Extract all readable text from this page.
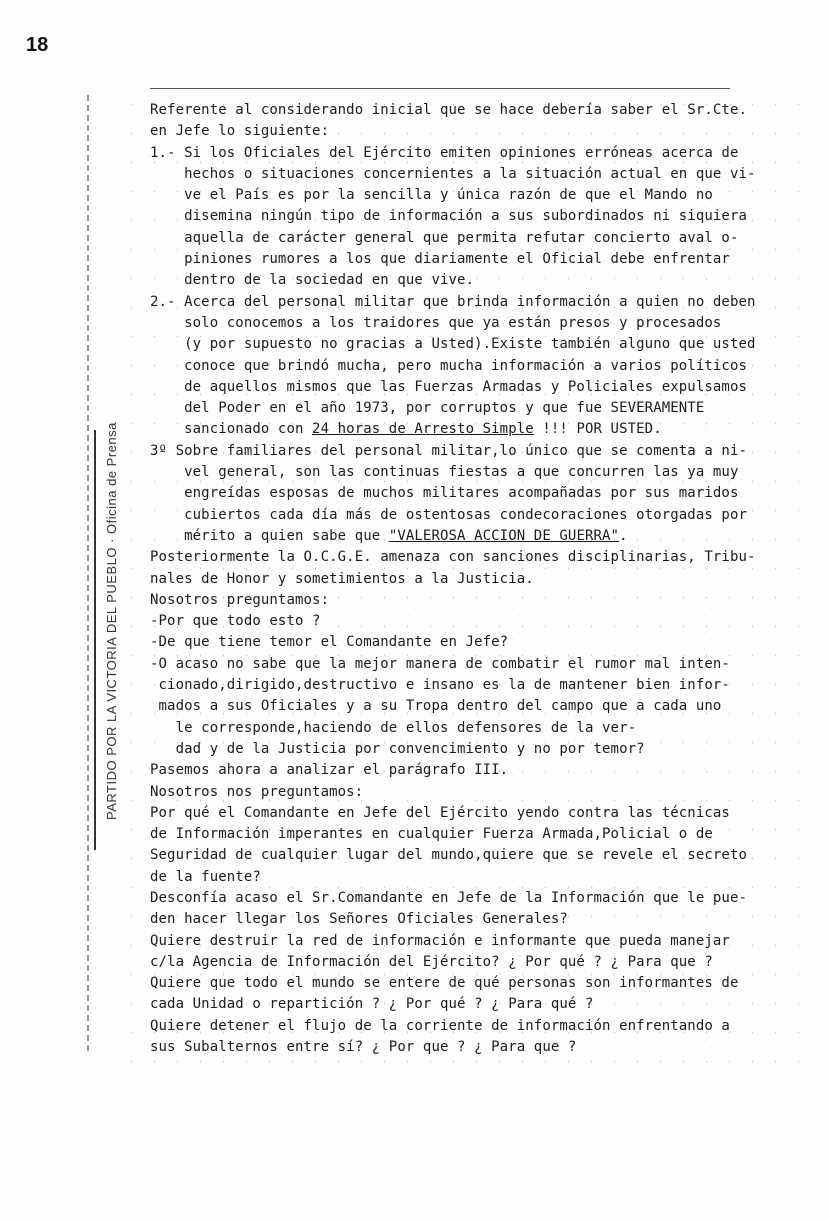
18
PARTIDO POR LA VICTORIA DEL PUEBLO · Oficina de Prensa
Referente al considerando inicial que se hace debería saber el Sr.Cte.
en Jefe lo siguiente:
1.- Si los Oficiales del Ejército emiten opiniones erróneas acerca de
hechos o situaciones concernientes a la situación actual en que vi-
ve el País es por la sencilla y única razón de que el Mando no
disemina ningún tipo de información a sus subordinados ni siquiera
aquella de carácter general que permita refutar concierto aval o-
piniones rumores a los que diariamente el Oficial debe enfrentar
dentro de la sociedad en que vive.
2.- Acerca del personal militar que brinda información a quien no deben
solo conocemos a los traidores que ya están presos y procesados
(y por supuesto no gracias a Usted).Existe también alguno que usted
conoce que brindó mucha, pero mucha información a varios políticos
de aquellos mismos que las Fuerzas Armadas y Policiales expulsamos
del Poder en el año 1973, por corruptos y que fue SEVERAMENTE
sancionado con 24 horas de Arresto Simple !!! POR USTED.
3º Sobre familiares del personal militar,lo único que se comenta a ni-
vel general, son las continuas fiestas a que concurren las ya muy
engreídas esposas de muchos militares acompañadas por sus maridos
cubiertos cada día más de ostentosas condecoraciones otorgadas por
mérito a quien sabe que "VALEROSA ACCION DE GUERRA".
Posteriormente la O.C.G.E. amenaza con sanciones disciplinarias, Tribu-
nales de Honor y sometimientos a la Justicia.
Nosotros preguntamos:
-Por que todo esto ?
-De que tiene temor el Comandante en Jefe?
-O acaso no sabe que la mejor manera de combatir el rumor mal inten-
cionado,dirigido,destructivo e insano es la de mantener bien infor-
mados a sus Oficiales y a su Tropa dentro del campo que a cada uno
le corresponde,haciendo de ellos defensores de la ver-
dad y de la Justicia por convencimiento y no por temor?
Pasemos ahora a analizar el parágrafo III.
Nosotros nos preguntamos:
Por qué el Comandante en Jefe del Ejército yendo contra las técnicas
de Información imperantes en cualquier Fuerza Armada,Policial o de
Seguridad de cualquier lugar del mundo,quiere que se revele el secreto
de la fuente?
Desconfía acaso el Sr.Comandante en Jefe de la Información que le pue-
den hacer llegar los Señores Oficiales Generales?
Quiere destruir la red de información e informante que pueda manejar
c/la Agencia de Información del Ejército? ¿ Por qué ? ¿ Para que ?
Quiere que todo el mundo se entere de qué personas son informantes de
cada Unidad o repartición ? ¿ Por qué ? ¿ Para qué ?
Quiere detener el flujo de la corriente de información enfrentando a
sus Subalternos entre sí? ¿ Por que ? ¿ Para que ?
